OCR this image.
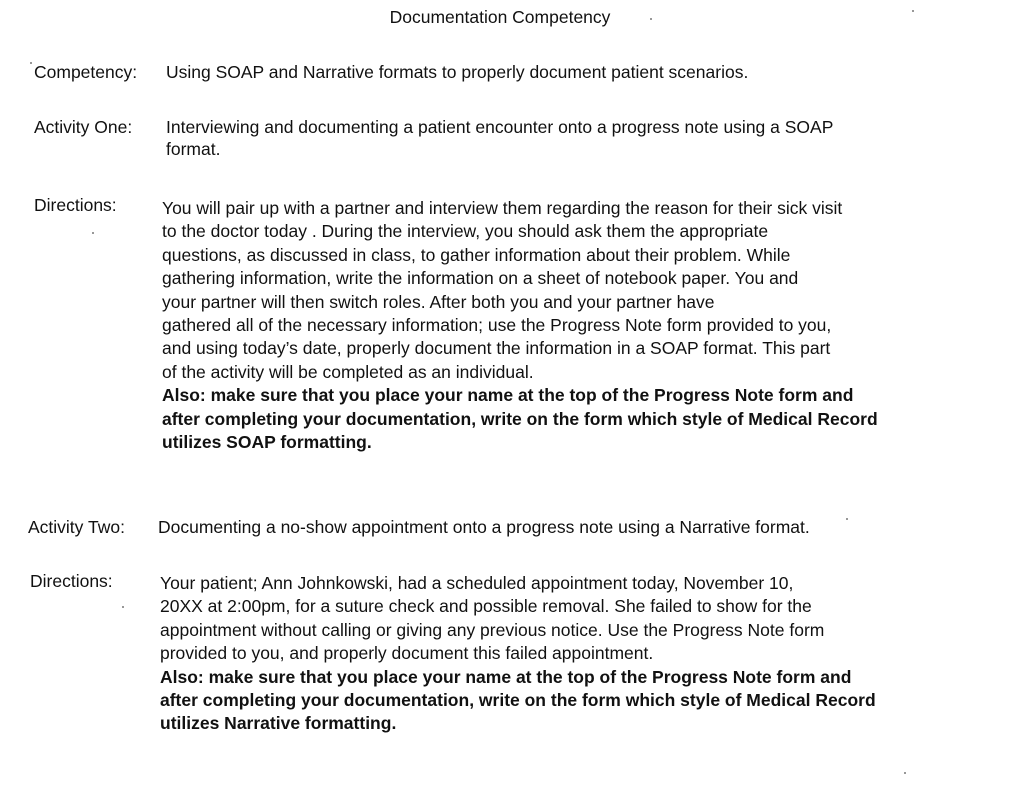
Documentation Competency
Competency: Using SOAP and Narrative formats to properly document patient scenarios.
Activity One: Interviewing and documenting a patient encounter onto a progress note using a SOAP

format.

Directions:	You will pair up with a partner and interview them regarding the reason for their sick visit

to the doctor today . During the interview, you should ask them the appropriate

questions, as discussed in class, to gather information about their problem. While

gathering information, write the information on a sheet of notebook paper. You and

your partner will then switch roles. After both you and your partner have

gathered all of the necessary information; use the Progress Note form provided to you,

and using today’s date, properly document the information in a SOAP format. This part

of the activity will be completed as an individual.

Also: make sure that you place your name at the top of the Progress Note form and

after completing your documentation, write on the form which style of Medical Record

utilizes SOAP formatting.

Activity Two: Documenting a no-show appointment onto a progress note using a Narrative format.
Directions:	Your patient; Ann Johnkowski, had a scheduled appointment today, November 10,

20XX at 2:00pm, for a suture check and possible removal. She failed to show for the

appointment without calling or giving any previous notice. Use the Progress Note form

provided to you, and properly document this failed appointment.

Also: make sure that you place your name at the top of the Progress Note form and

after completing your documentation, write on the form which style of Medical Record

utilizes Narrative formatting.
